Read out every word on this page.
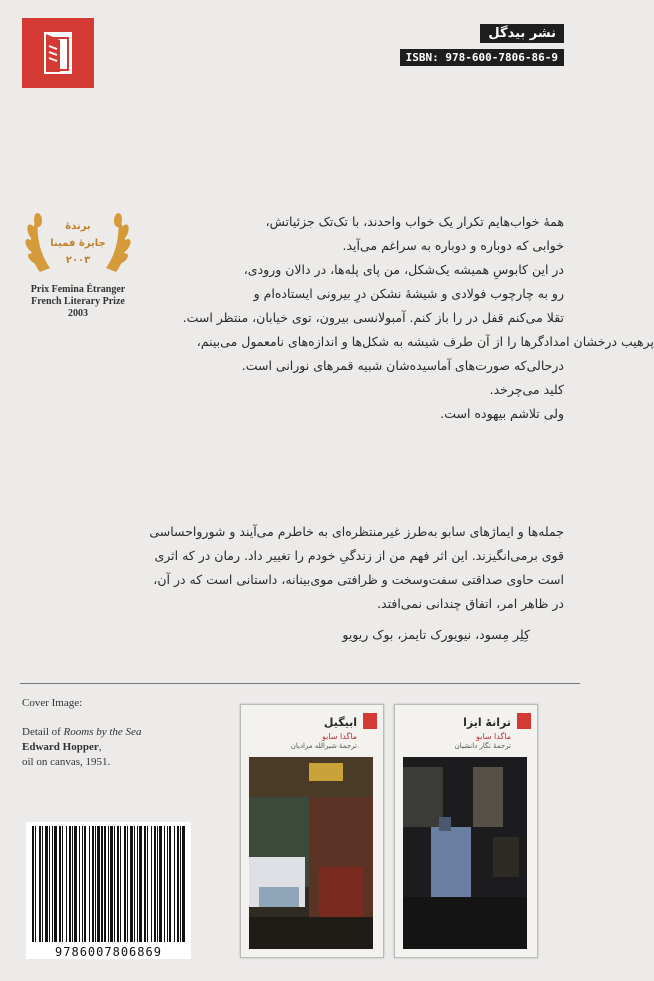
نشر بیدگل
ISBN: 978-600-7806-86-9
برندهٔ
جایزهٔ فمینا
۲۰۰۳
Prix Femina Étranger
French Literary Prize
2003
همهٔ خواب‌هایم تکرار یک خواب واحدند، با تک‌تک جزئیاتش،
خوابی که دوباره و دوباره به سراغم می‌آید.
در این کابوسِ همیشه یک‌شکل، من پای پله‌ها، در دالان ورودی،
رو به چارچوب فولادی و شیشهٔ نشکن درِ بیرونی ایستاده‌ام و
تقلا می‌کنم قفل در را باز کنم. آمبولانسی بیرون، توی خیابان، منتظر است.
پرهیب درخشان امدادگرها را از آن طرف شیشه به شکل‌ها و اندازه‌های نامعمول می‌بینم،
درحالی‌که صورت‌های آماسیده‌شان شبیه قمرهای نورانی است.
کلید می‌چرخد.
ولی تلاشم بیهوده است.
جمله‌ها و ایماژهای سابو به‌طرز غیرمنتظره‌ای به خاطرم می‌آیند و شور‌واحساسی
قوی برمی‌انگیزند. این اثر فهم من از زندگیِ خودم را تغییر داد. رمان در که اثری
است حاوی صداقتی سفت‌وسخت و ظرافتی موی‌بینانه، داستانی است که در آن،
در ظاهر امر، اتفاق چندانی نمی‌افتد.
کِلِر مِسود، نیویورک تایمز، بوک ریویو
Cover Image:
Detail of Rooms by the Sea
Edward Hopper,
oil on canvas, 1951.
ابیگیل
ماگدا سابو
ترجمهٔ شیرالله مرادیان
ترانهٔ ایزا
ماگدا سابو
ترجمهٔ نگار دانشیان
9786007806869
